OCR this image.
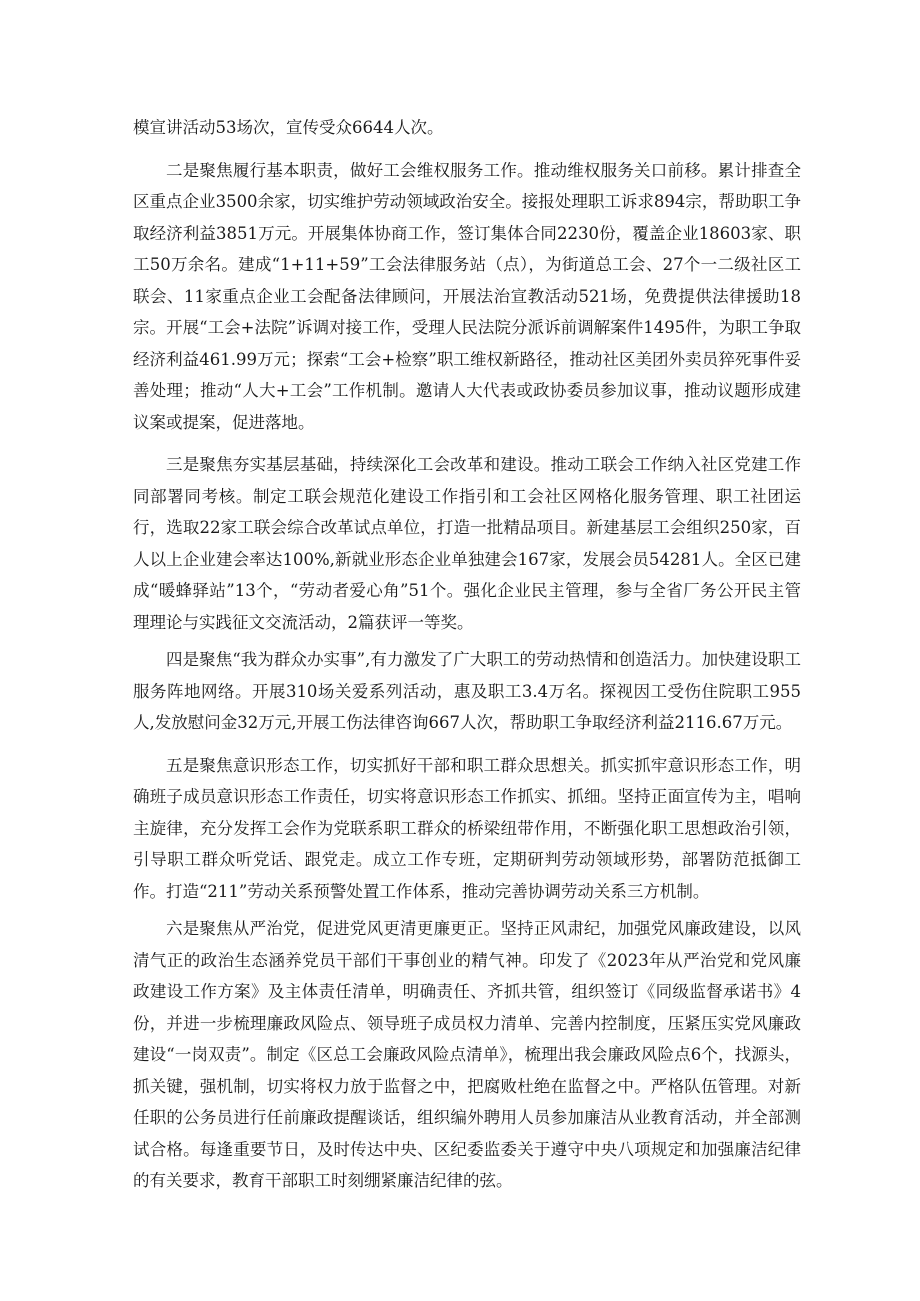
模宣讲活动53场次，宣传受众6644人次。

二是聚焦履行基本职责，做好工会维权服务工作。推动维权服务关口前移。累计排查全区重点企业3500余家，切实维护劳动领域政治安全。接报处理职工诉求894宗，帮助职工争取经济利益3851万元。开展集体协商工作，签订集体合同2230份，覆盖企业18603家、职工50万余名。建成“1+11+59”工会法律服务站（点），为街道总工会、27个一二级社区工联会、11家重点企业工会配备法律顾问，开展法治宣教活动521场，免费提供法律援助18宗。开展“工会+法院”诉调对接工作，受理人民法院分派诉前调解案件1495件，为职工争取经济利益461.99万元；探索“工会+检察”职工维权新路径，推动社区美团外卖员猝死事件妥善处理；推动“人大+工会”工作机制。邀请人大代表或政协委员参加议事，推动议题形成建议案或提案，促进落地。

三是聚焦夯实基层基础，持续深化工会改革和建设。推动工联会工作纳入社区党建工作同部署同考核。制定工联会规范化建设工作指引和工会社区网格化服务管理、职工社团运行，选取22家工联会综合改革试点单位，打造一批精品项目。新建基层工会组织250家，百人以上企业建会率达100%,新就业形态企业单独建会167家，发展会员54281人。全区已建成“暖蜂驿站”13个，“劳动者爱心角”51个。强化企业民主管理，参与全省厂务公开民主管理理论与实践征文交流活动，2篇获评一等奖。

四是聚焦“我为群众办实事”,有力激发了广大职工的劳动热情和创造活力。加快建设职工服务阵地网络。开展310场关爱系列活动，惠及职工3.4万名。探视因工受伤住院职工955人,发放慰问金32万元,开展工伤法律咨询667人次，帮助职工争取经济利益2116.67万元。

五是聚焦意识形态工作，切实抓好干部和职工群众思想关。抓实抓牢意识形态工作，明确班子成员意识形态工作责任，切实将意识形态工作抓实、抓细。坚持正面宣传为主，唱响主旋律，充分发挥工会作为党联系职工群众的桥梁纽带作用，不断强化职工思想政治引领，引导职工群众听党话、跟党走。成立工作专班，定期研判劳动领域形势，部署防范抵御工作。打造“211”劳动关系预警处置工作体系，推动完善协调劳动关系三方机制。

六是聚焦从严治党，促进党风更清更廉更正。坚持正风肃纪，加强党风廉政建设，以风清气正的政治生态涵养党员干部们干事创业的精气神。印发了《2023年从严治党和党风廉政建设工作方案》及主体责任清单，明确责任、齐抓共管，组织签订《同级监督承诺书》4份，并进一步梳理廉政风险点、领导班子成员权力清单、完善内控制度，压紧压实党风廉政建设“一岗双责”。制定《区总工会廉政风险点清单》，梳理出我会廉政风险点6个，找源头，抓关键，强机制，切实将权力放于监督之中，把腐败杜绝在监督之中。严格队伍管理。对新任职的公务员进行任前廉政提醒谈话，组织编外聘用人员参加廉洁从业教育活动，并全部测试合格。每逢重要节日，及时传达中央、区纪委监委关于遵守中央八项规定和加强廉洁纪律的有关要求，教育干部职工时刻绷紧廉洁纪律的弦。
